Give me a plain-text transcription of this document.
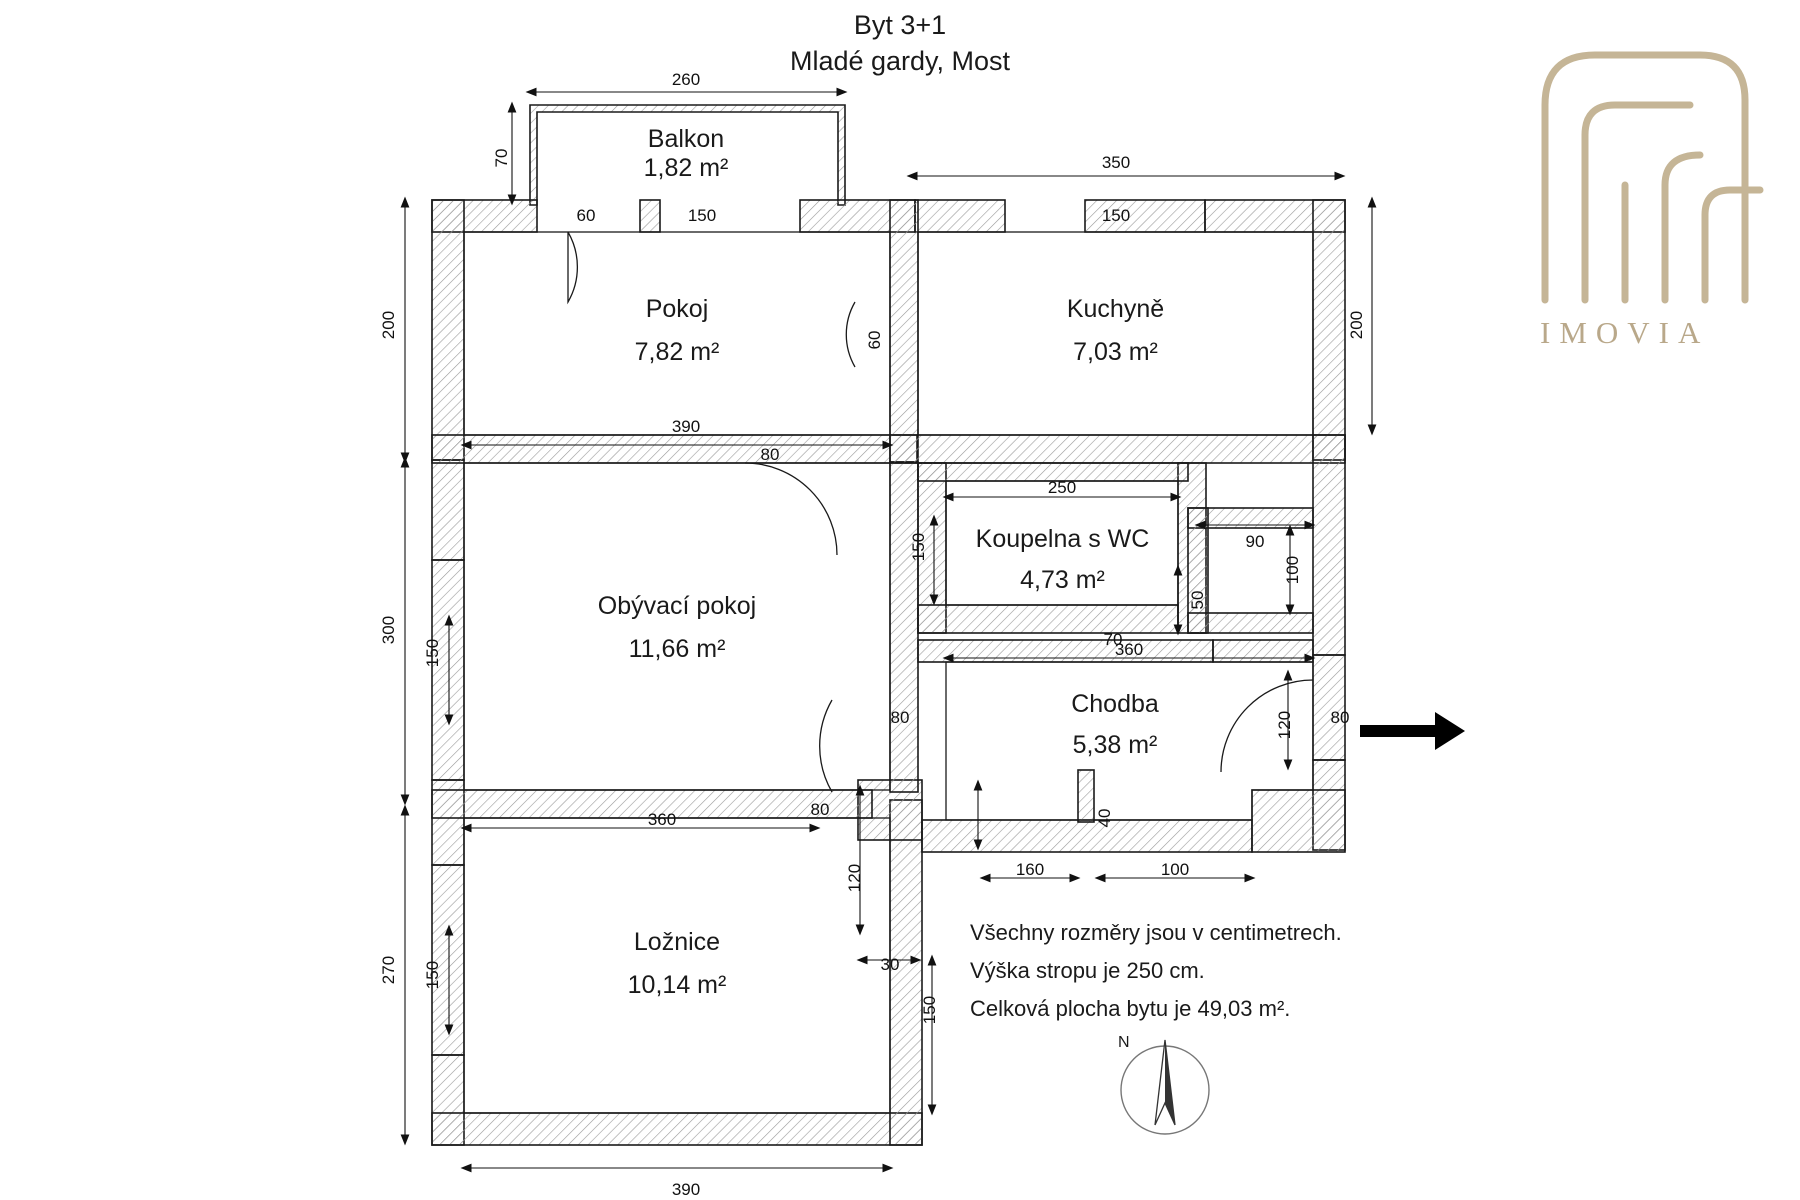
Byt 3+1
Mladé gardy, Most
IMOVIA
Balkon
1,82 m²
Pokoj
7,82 m²
Kuchyně
7,03 m²
Koupelna s WC
4,73 m²
Obývací pokoj
11,66 m²
Chodba
5,38 m²
Ložnice
10,14 m²
260
60	150
350
150
390
80
250
90
70
360
80
80
80
360
160	100
30
390
70
200	200
60
300
150
150
100
50
120
40
120
270 150
150
Všechny rozměry jsou v centimetrech.
Výška stropu je 250 cm.
Celková plocha bytu je 49,03 m².
N
